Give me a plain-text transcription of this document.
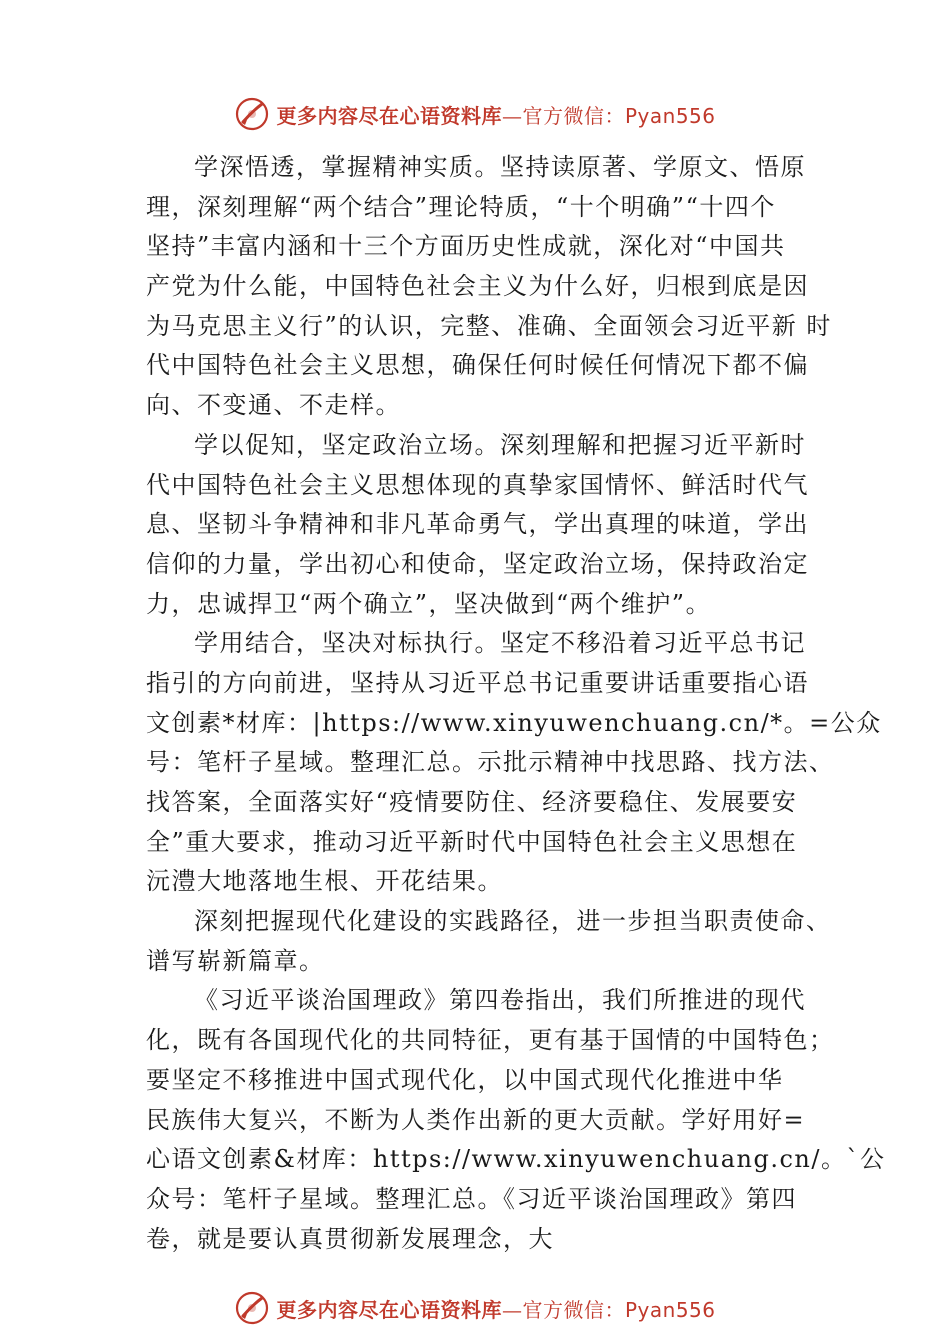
更多内容尽在心语资料库—官方微信：Pyan556
学深悟透，掌握精神实质。坚持读原著、学原文、悟原
理，深刻理解“两个结合”理论特质，“十个明确”“十四个
坚持”丰富内涵和十三个方面历史性成就，深化对“中国共
产党为什么能，中国特色社会主义为什么好，归根到底是因
为马克思主义行”的认识，完整、准确、全面领会习近平新 时
代中国特色社会主义思想，确保任何时候任何情况下都不偏
向、不变通、不走样。
学以促知，坚定政治立场。深刻理解和把握习近平新时
代中国特色社会主义思想体现的真挚家国情怀、鲜活时代气
息、坚韧斗争精神和非凡革命勇气，学出真理的味道，学出
信仰的力量，学出初心和使命，坚定政治立场，保持政治定
力，忠诚捍卫“两个确立”，坚决做到“两个维护”。
学用结合，坚决对标执行。坚定不移沿着习近平总书记
指引的方向前进，坚持从习近平总书记重要讲话重要指心语
文创素*材库：|https://www.xinyuwenchuang.cn/*。=公众
号：笔杆子星域。整理汇总。示批示精神中找思路、找方法、
找答案，全面落实好“疫情要防住、经济要稳住、发展要安
全”重大要求，推动习近平新时代中国特色社会主义思想在
沅澧大地落地生根、开花结果。
深刻把握现代化建设的实践路径，进一步担当职责使命、
谱写崭新篇章。
《习近平谈治国理政》第四卷指出，我们所推进的现代
化，既有各国现代化的共同特征，更有基于国情的中国特色；
要坚定不移推进中国式现代化，以中国式现代化推进中华
民族伟大复兴，不断为人类作出新的更大贡献。学好用好=
心语文创素&材库：https://www.xinyuwenchuang.cn/。`公
众号：笔杆子星域。整理汇总。《习近平谈治国理政》第四
卷，就是要认真贯彻新发展理念，大
更多内容尽在心语资料库—官方微信：Pyan556
